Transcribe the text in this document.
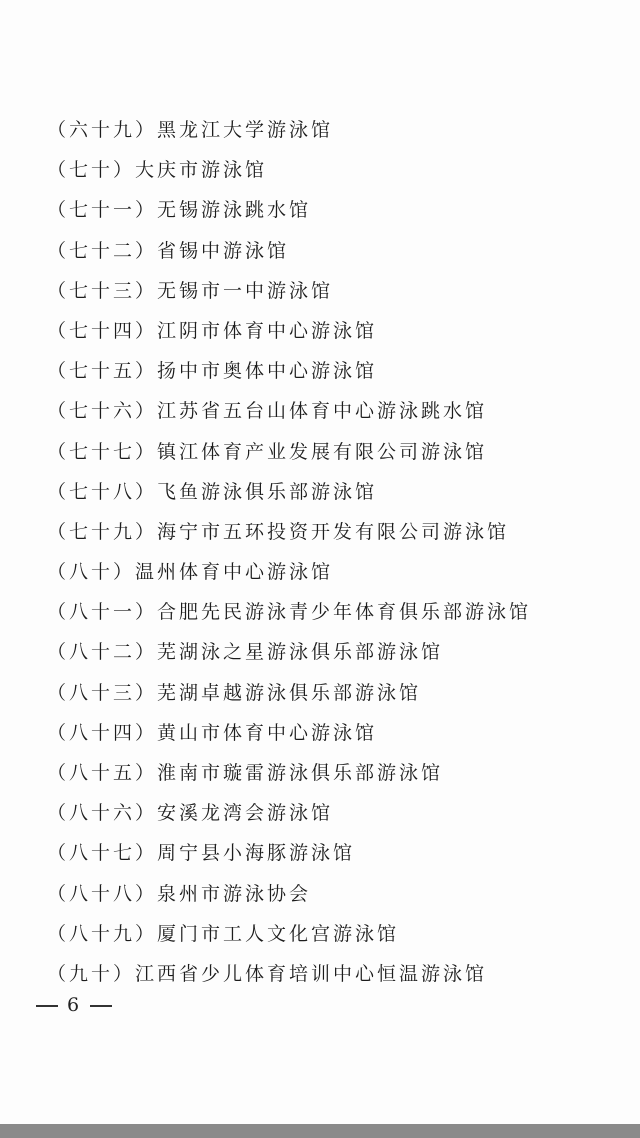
（六十九）黑龙江大学游泳馆
（七十）大庆市游泳馆
（七十一）无锡游泳跳水馆
（七十二）省锡中游泳馆
（七十三）无锡市一中游泳馆
（七十四）江阴市体育中心游泳馆
（七十五）扬中市奥体中心游泳馆
（七十六）江苏省五台山体育中心游泳跳水馆
（七十七）镇江体育产业发展有限公司游泳馆
（七十八）飞鱼游泳俱乐部游泳馆
（七十九）海宁市五环投资开发有限公司游泳馆
（八十）温州体育中心游泳馆
（八十一）合肥先民游泳青少年体育俱乐部游泳馆
（八十二）芜湖泳之星游泳俱乐部游泳馆
（八十三）芜湖卓越游泳俱乐部游泳馆
（八十四）黄山市体育中心游泳馆
（八十五）淮南市璇雷游泳俱乐部游泳馆
（八十六）安溪龙湾会游泳馆
（八十七）周宁县小海豚游泳馆
（八十八）泉州市游泳协会
（八十九）厦门市工人文化宫游泳馆
（九十）江西省少儿体育培训中心恒温游泳馆
6
